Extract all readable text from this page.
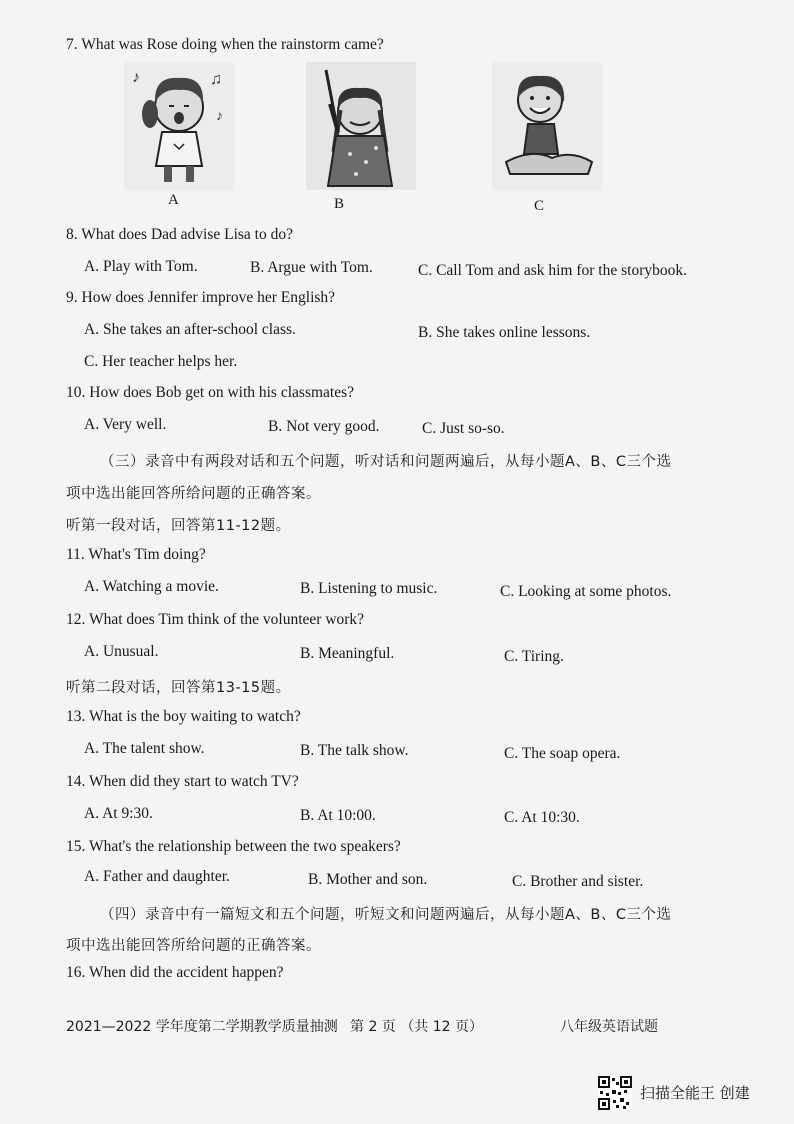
7. What was Rose doing when the rainstorm came?
♪	♫
♪
A	B	C
8. What does Dad advise Lisa to do?
A. Play with Tom.	B. Argue with Tom.	C. Call Tom and ask him for the storybook.
9. How does Jennifer improve her English?
A. She takes an after-school class.	B. She takes online lessons.
C. Her teacher helps her.
10. How does Bob get on with his classmates?
A. Very well.	B. Not very good.	C. Just so-so.
（三）录音中有两段对话和五个问题，听对话和问题两遍后，从每小题A、B、C三个选
项中选出能回答所给问题的正确答案。
听第一段对话，回答第11-12题。
11. What's Tim doing?
A. Watching a movie.	B. Listening to music.	C. Looking at some photos.
12. What does Tim think of the volunteer work?
A. Unusual.	B. Meaningful.	C. Tiring.
听第二段对话，回答第13-15题。
13. What is the boy waiting to watch?
A. The talent show.	B. The talk show.	C. The soap opera.
14. When did they start to watch TV?
A. At 9:30.	B. At 10:00.	C. At 10:30.
15. What's the relationship between the two speakers?
A. Father and daughter.	B. Mother and son.	C. Brother and sister.
（四）录音中有一篇短文和五个问题，听短文和问题两遍后，从每小题A、B、C三个选
项中选出能回答所给问题的正确答案。
16. When did the accident happen?
2021—2022 学年度第二学期教学质量抽测 第 2 页 （共 12 页）	八年级英语试题
扫描全能王 创建
